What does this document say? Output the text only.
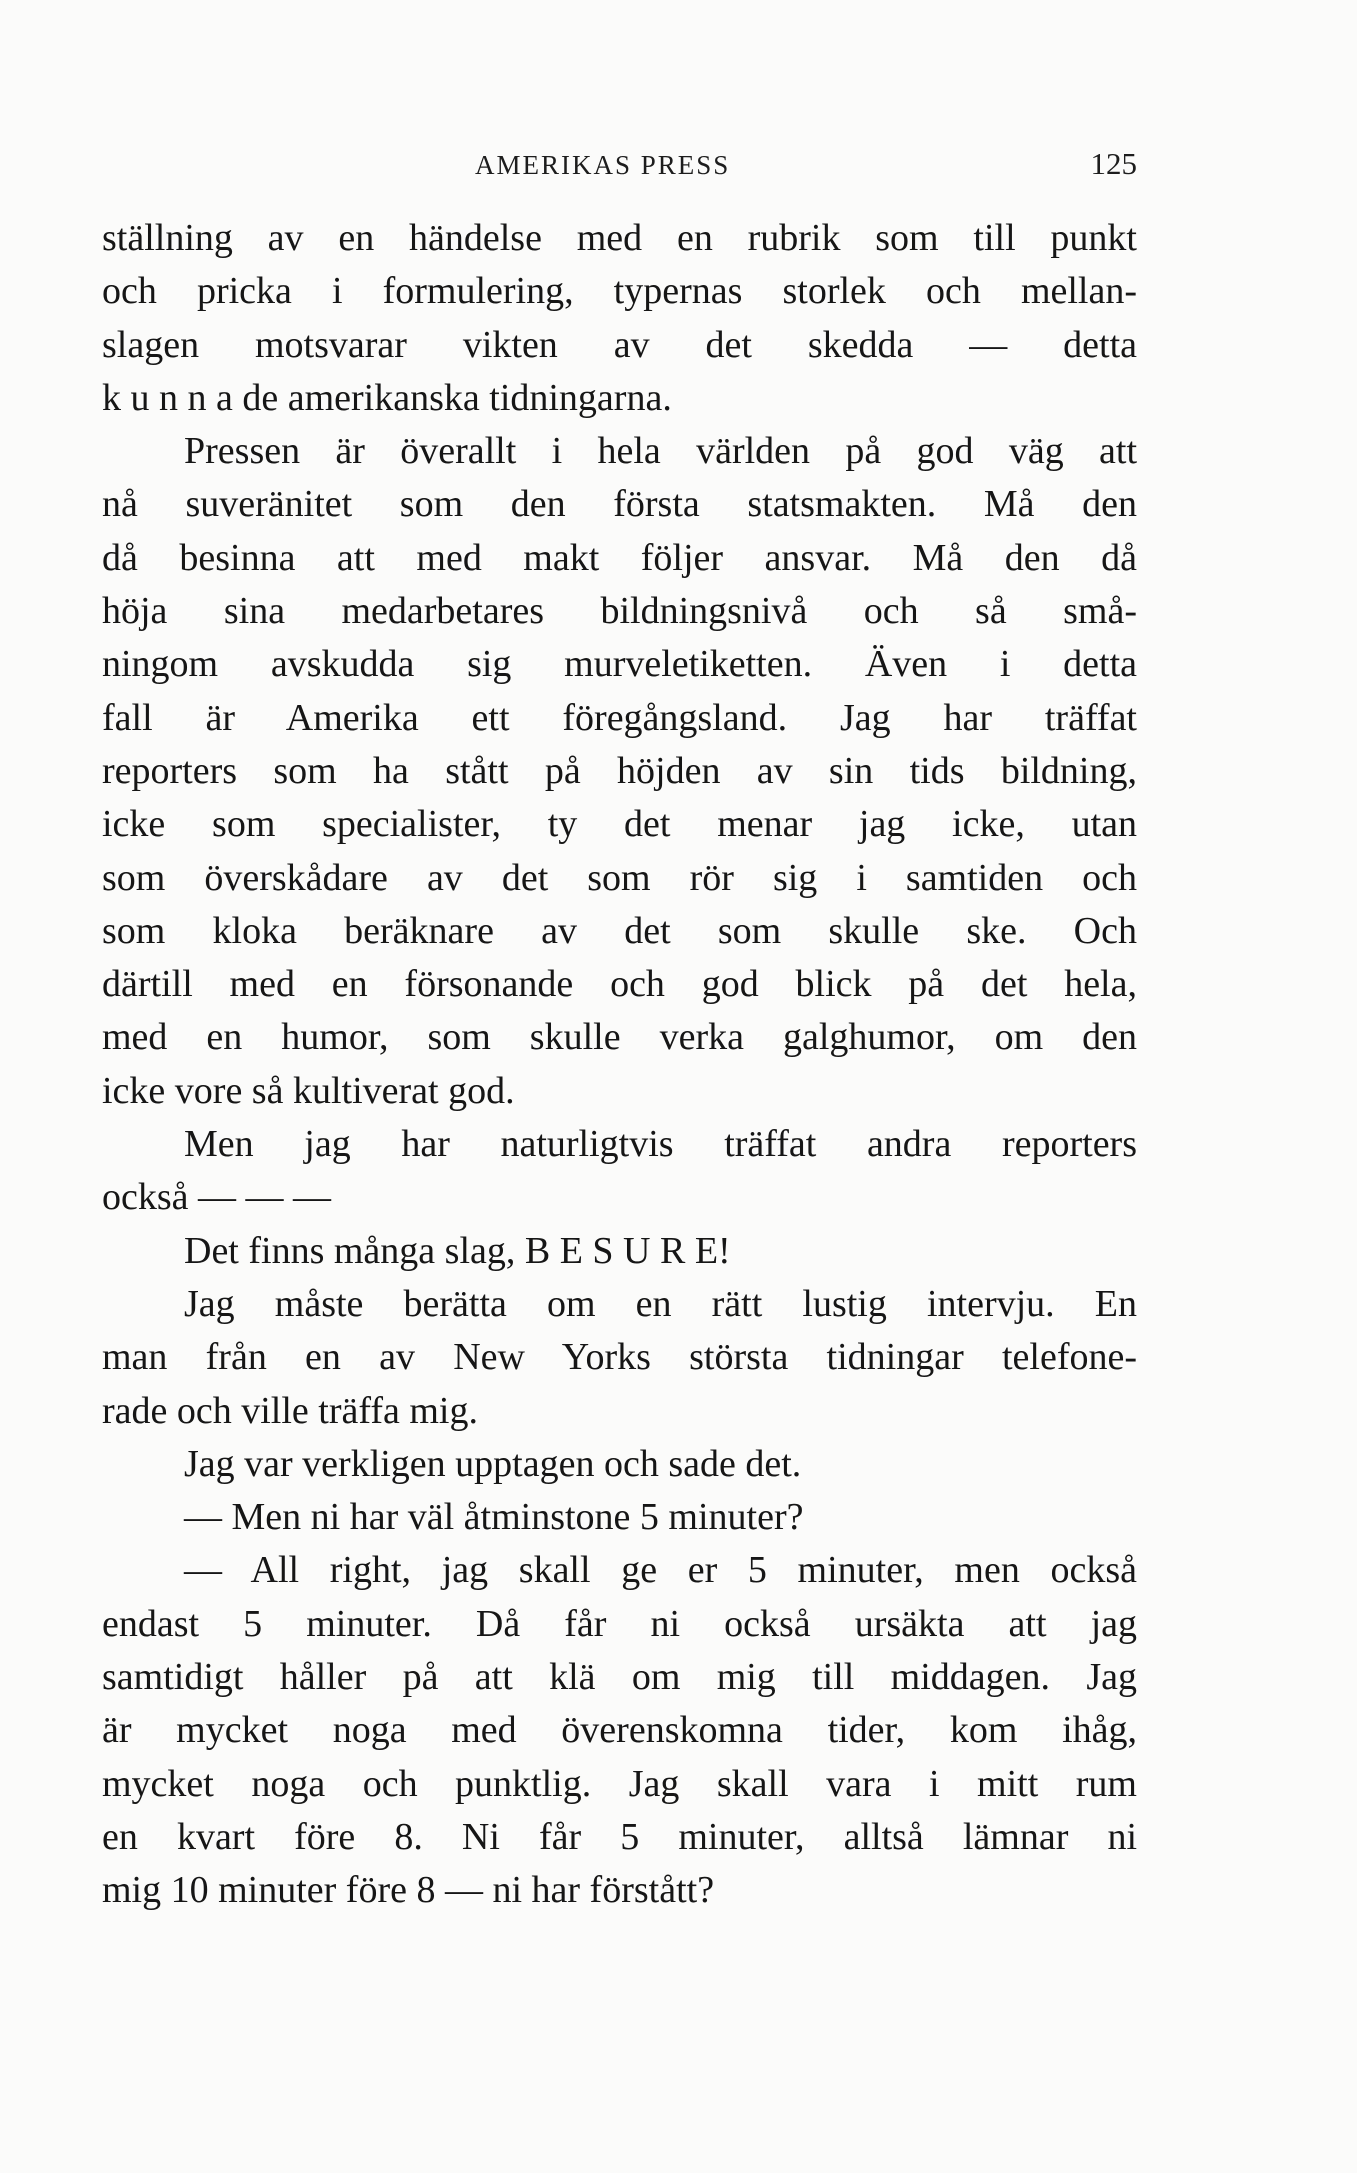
AMERIKAS PRESS	125
ställning av en händelse med en rubrik som till punkt
och pricka i formulering, typernas storlek och mellan-
slagen motsvarar vikten av det skedda — detta
k u n n a de amerikanska tidningarna.
Pressen är överallt i hela världen på god väg att
nå suveränitet som den första statsmakten. Må den
då besinna att med makt följer ansvar. Må den då
höja sina medarbetares bildningsnivå och så små-
ningom avskudda sig murveletiketten. Även i detta
fall är Amerika ett föregångsland. Jag har träffat
reporters som ha stått på höjden av sin tids bildning,
icke som specialister, ty det menar jag icke, utan
som överskådare av det som rör sig i samtiden och
som kloka beräknare av det som skulle ske. Och
därtill med en försonande och god blick på det hela,
med en humor, som skulle verka galghumor, om den
icke vore så kultiverat god.
Men jag har naturligtvis träffat andra reporters
också — — —
Det finns många slag, B E S U R E!
Jag måste berätta om en rätt lustig intervju. En
man från en av New Yorks största tidningar telefone-
rade och ville träffa mig.
Jag var verkligen upptagen och sade det.
— Men ni har väl åtminstone 5 minuter?
— All right, jag skall ge er 5 minuter, men också
endast 5 minuter. Då får ni också ursäkta att jag
samtidigt håller på att klä om mig till middagen. Jag
är mycket noga med överenskomna tider, kom ihåg,
mycket noga och punktlig. Jag skall vara i mitt rum
en kvart före 8. Ni får 5 minuter, alltså lämnar ni
mig 10 minuter före 8 — ni har förstått?
